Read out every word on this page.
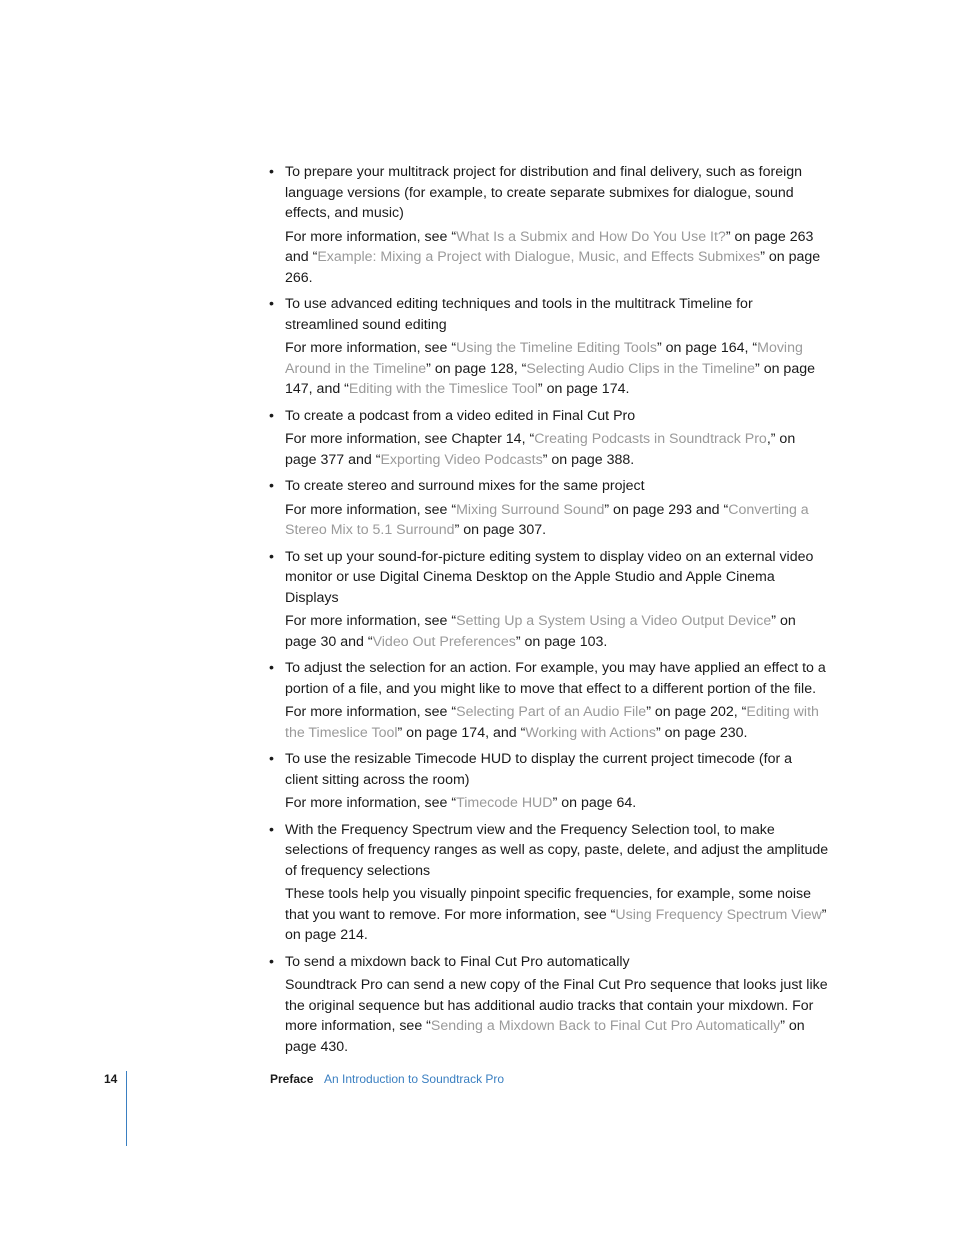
• To prepare your multitrack project for distribution and final delivery, such as foreign language versions (for example, to create separate submixes for dialogue, sound effects, and music)

For more information, see “What Is a Submix and How Do You Use It?” on page 263 and “Example: Mixing a Project with Dialogue, Music, and Effects Submixes” on page 266.

• To use advanced editing techniques and tools in the multitrack Timeline for streamlined sound editing

For more information, see “Using the Timeline Editing Tools” on page 164, “Moving Around in the Timeline” on page 128, “Selecting Audio Clips in the Timeline” on page 147, and “Editing with the Timeslice Tool” on page 174.

• To create a podcast from a video edited in Final Cut Pro

For more information, see Chapter 14, “Creating Podcasts in Soundtrack Pro,” on page 377 and “Exporting Video Podcasts” on page 388.

• To create stereo and surround mixes for the same project

For more information, see “Mixing Surround Sound” on page 293 and “Converting a Stereo Mix to 5.1 Surround” on page 307.

• To set up your sound-for-picture editing system to display video on an external video monitor or use Digital Cinema Desktop on the Apple Studio and Apple Cinema Displays

For more information, see “Setting Up a System Using a Video Output Device” on page 30 and “Video Out Preferences” on page 103.

• To adjust the selection for an action. For example, you may have applied an effect to a portion of a file, and you might like to move that effect to a different portion of the file.

For more information, see “Selecting Part of an Audio File” on page 202, “Editing with the Timeslice Tool” on page 174, and “Working with Actions” on page 230.

• To use the resizable Timecode HUD to display the current project timecode (for a client sitting across the room)

For more information, see “Timecode HUD” on page 64.

• With the Frequency Spectrum view and the Frequency Selection tool, to make selections of frequency ranges as well as copy, paste, delete, and adjust the amplitude of frequency selections

These tools help you visually pinpoint specific frequencies, for example, some noise that you want to remove. For more information, see “Using Frequency Spectrum View” on page 214.

• To send a mixdown back to Final Cut Pro automatically

Soundtrack Pro can send a new copy of the Final Cut Pro sequence that looks just like the original sequence but has additional audio tracks that contain your mixdown. For more information, see “Sending a Mixdown Back to Final Cut Pro Automatically” on page 430.

14	Preface An Introduction to Soundtrack Pro
